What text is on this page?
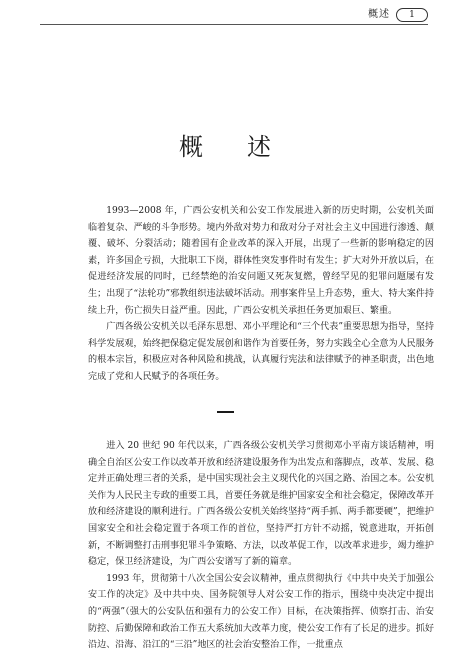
概述	1
概述

1993—2008 年，广西公安机关和公安工作发展进入新的历史时期，公安机关面临着复杂、严峻的斗争形势。境内外敌对势力和敌对分子对社会主义中国进行渗透、颠覆、破坏、分裂活动；随着国有企业改革的深入开展，出现了一些新的影响稳定的因素，许多国企亏损，大批职工下岗，群体性突发事件时有发生；扩大对外开放以后，在促进经济发展的同时，已经禁绝的治安问题又死灰复燃，曾经罕见的犯罪问题屡有发生；出现了“法轮功”邪教组织违法破坏活动。刑事案件呈上升态势，重大、特大案件持续上升，伤亡损失日益严重。因此，广西公安机关承担任务更加艰巨、繁重。

广西各级公安机关以毛泽东思想、邓小平理论和“三个代表”重要思想为指导，坚持科学发展观，始终把保稳定促发展创和谐作为首要任务，努力实践全心全意为人民服务的根本宗旨，积极应对各种风险和挑战，认真履行宪法和法律赋予的神圣职责，出色地完成了党和人民赋予的各项任务。

进入 20 世纪 90 年代以来，广西各级公安机关学习贯彻邓小平南方谈话精神，明确全自治区公安工作以改革开放和经济建设服务作为出发点和落脚点，改革、发展、稳定并正确处理三者的关系，是中国实现社会主义现代化的兴国之路、治国之本。公安机关作为人民民主专政的重要工具，首要任务就是维护国家安全和社会稳定，保障改革开放和经济建设的顺利进行。广西各级公安机关始终坚持“两手抓、两手都要硬”，把维护国家安全和社会稳定置于各项工作的首位，坚持严打方针不动摇，锐意进取，开拓创新，不断调整打击刑事犯罪斗争策略、方法，以改革促工作，以改革求进步，竭力维护稳定，保卫经济建设，为广西公安谱写了新的篇章。

1993 年，贯彻第十八次全国公安会议精神，重点贯彻执行《中共中央关于加强公安工作的决定》及中共中央、国务院领导人对公安工作的指示，围绕中央决定中提出的“两强”（强大的公安队伍和强有力的公安工作）目标，在决策指挥、侦察打击、治安防控、后勤保障和政治工作五大系统加大改革力度，使公安工作有了长足的进步。抓好沿边、沿海、沿江的“三沿”地区的社会治安整治工作，一批重点
